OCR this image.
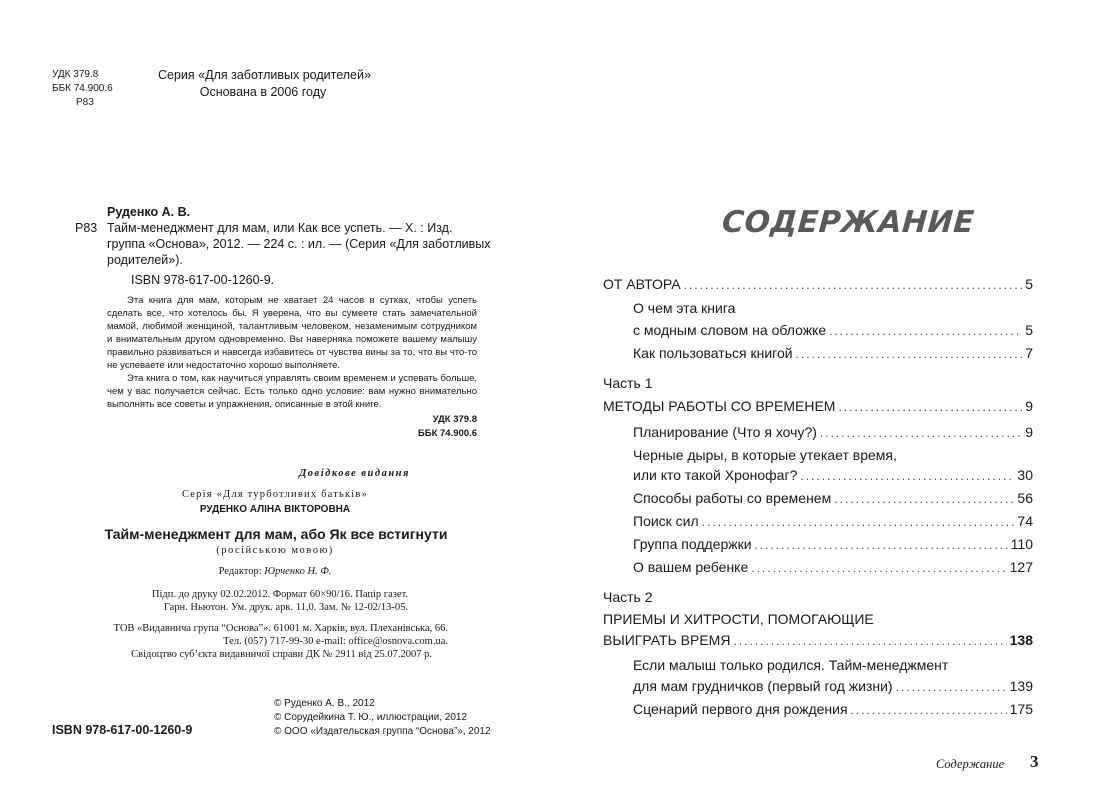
УДК 379.8
ББК 74.900.6
Р83
Серия «Для заботливых родителей»
Основана в 2006 году
Руденко А. В.
Р83 Тайм-менеджмент для мам, или Как все успеть. — Х. : Изд.
группа «Основа», 2012. — 224 с. : ил. — (Серия «Для заботливых
родителей»).
ISBN 978-617-00-1260-9.

Эта книга для мам, которым не хватает 24 часов в сутках, чтобы успеть сделать все, что хотелось бы. Я уверена, что вы сумеете стать замечательной мамой, любимой женщиной, талантливым человеком, незаменимым сотрудником и внимательным другом одновременно. Вы наверняка поможете вашему малышу правильно развиваться и навсегда избавитесь от чувства вины за то, что вы что-то не успеваете или недостаточно хорошо выполняете.

Эта книга о том, как научиться управлять своим временем и успевать больше, чем у вас получается сейчас. Есть только одно условие: вам нужно внимательно выполнять все советы и упражнения, описанные в этой книге.

УДК 379.8
ББК 74.900.6
Довідкове видання
Серія «Для турботливих батьків»
РУДЕНКО АЛІНА ВІКТОРОВНА
Тайм-менеджмент для мам, або Як все встигнути
(російською мовою)
Редактор: Юрченко Н. Ф.
Підп. до друку 02.02.2012. Формат 60×90/16. Папір газет.
Гарн. Ньютон. Ум. друк. арк. 11,0. Зам. № 12-02/13-05.
ТОВ «Видавнича група “Основа”». 61001 м. Харків, вул. Плеханівська, 66.
Тел. (057) 717-99-30 e-mail: office@osnova.com.ua.
Свідоцтво суб’єкта видавничої справи ДК № 2911 від 25.07.2007 р.
© Руденко А. В., 2012
© Сорудейкина Т. Ю., иллюстрации, 2012
© ООО «Издательская группа “Основа”», 2012
ISBN 978-617-00-1260-9
СОДЕРЖАНИЕ
ОТ АВТОРА .....	5
О чем эта книга
с модным словом на обложке .....	5
Как пользоваться книгой .....	7
Часть 1
МЕТОДЫ РАБОТЫ СО ВРЕМЕНЕМ .....	9
Планирование (Что я хочу?) .....	9
Черные дыры, в которые утекает время,
или кто такой Хронофаг? .....	30
Способы работы со временем .....	56
Поиск сил .....	74
Группа поддержки .....	110
О вашем ребенке .....	127
Часть 2
ПРИЕМЫ И ХИТРОСТИ, ПОМОГАЮЩИЕ
ВЫИГРАТЬ ВРЕМЯ .....	138
Если малыш только родился. Тайм-менеджмент
для мам грудничков (первый год жизни) .....	139
Сценарий первого дня рождения .....	175
Содержание 3
